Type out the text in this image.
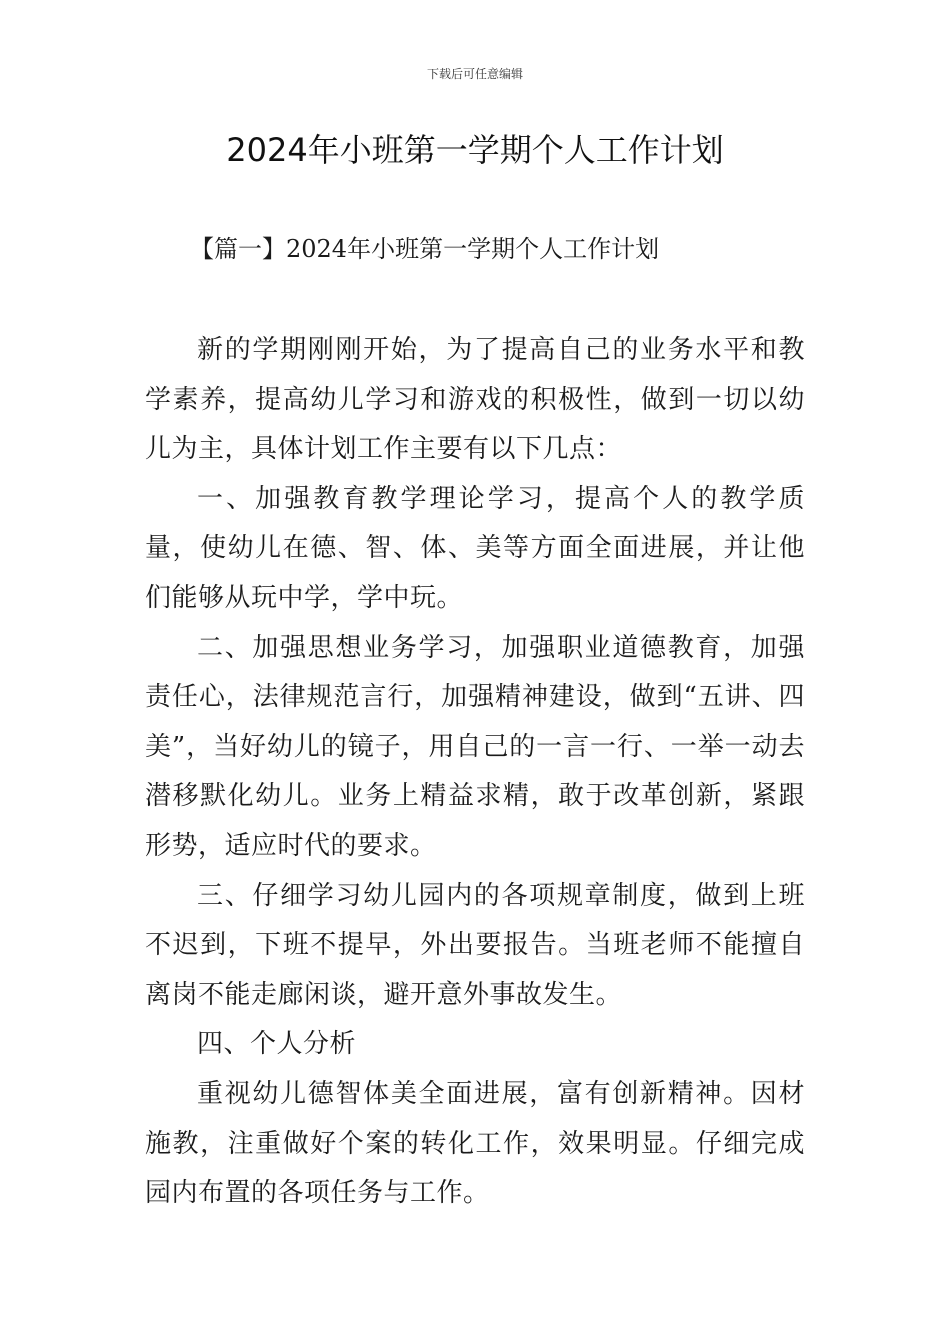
下载后可任意编辑
2024年小班第一学期个人工作计划
【篇一】2024年小班第一学期个人工作计划

新的学期刚刚开始，为了提高自己的业务水平和教学素养，提高幼儿学习和游戏的积极性，做到一切以幼儿为主，具体计划工作主要有以下几点：

一、加强教育教学理论学习，提高个人的教学质量，使幼儿在德、智、体、美等方面全面进展，并让他们能够从玩中学，学中玩。

二、加强思想业务学习，加强职业道德教育，加强责任心，法律规范言行，加强精神建设，做到“五讲、四美”，当好幼儿的镜子，用自己的一言一行、一举一动去潜移默化幼儿。业务上精益求精，敢于改革创新，紧跟形势，适应时代的要求。

三、仔细学习幼儿园内的各项规章制度，做到上班不迟到，下班不提早，外出要报告。当班老师不能擅自离岗不能走廊闲谈，避开意外事故发生。

四、个人分析

重视幼儿德智体美全面进展，富有创新精神。因材施教，注重做好个案的转化工作，效果明显。仔细完成园内布置的各项任务与工作。
